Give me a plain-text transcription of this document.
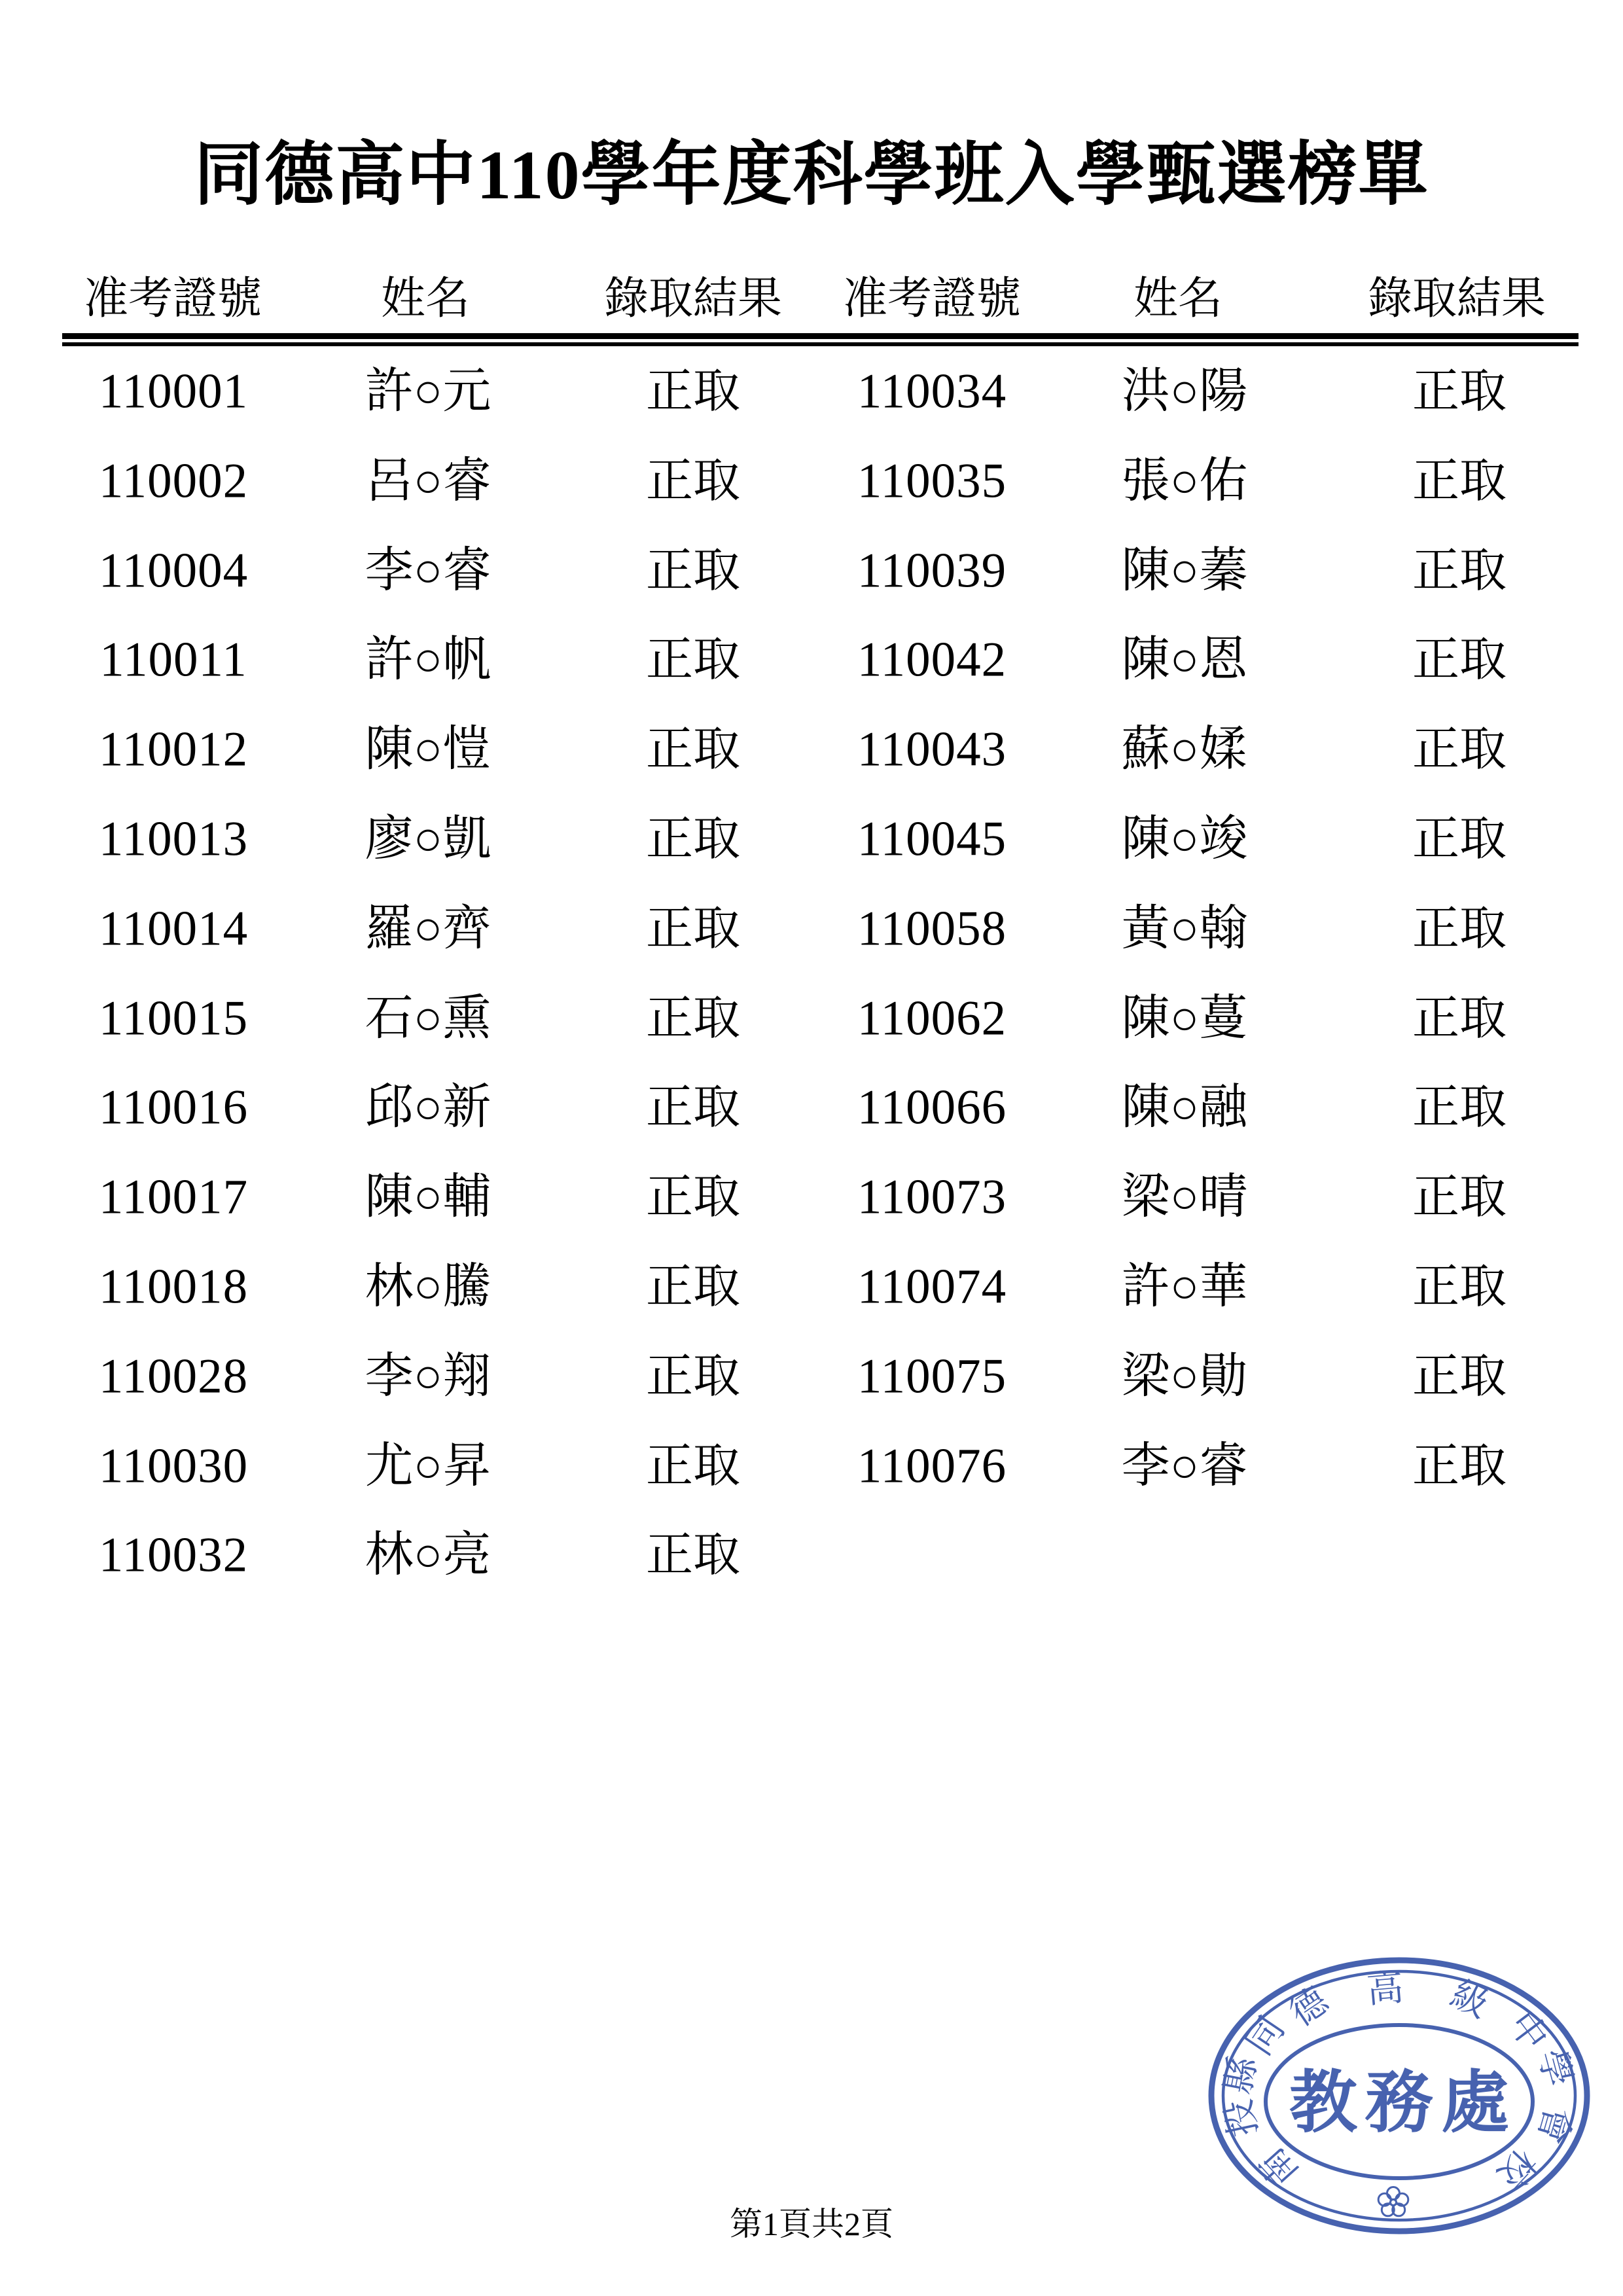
同德高中110學年度科學班入學甄選榜單
准考證號	姓名	錄取結果 准考證號	姓名	錄取結果
110001 許○元	正取
110002 呂○睿	正取
110004 李○睿	正取
110011 許○帆	正取
110012 陳○愷	正取
110013 廖○凱	正取
110014 羅○齊	正取
110015 石○熏	正取
110016 邱○新	正取
110017 陳○輔	正取
110018 林○騰	正取
110028 李○翔	正取
110030 尤○昇	正取
110032 林○亮	正取
110034 洪○陽	正取
110035 張○佑	正取
110039 陳○蓁	正取
110042 陳○恩	正取
110043 蘇○媃	正取
110045 陳○竣	正取
110058 黃○翰	正取
110062 陳○蔓	正取
110066 陳○融	正取
110073 梁○晴	正取
110074 許○華	正取
110075 梁○勛	正取
110076 李○睿	正取
第1頁共2頁
教務處
南
投
縣
同
德 高 級
中
學
會
校
